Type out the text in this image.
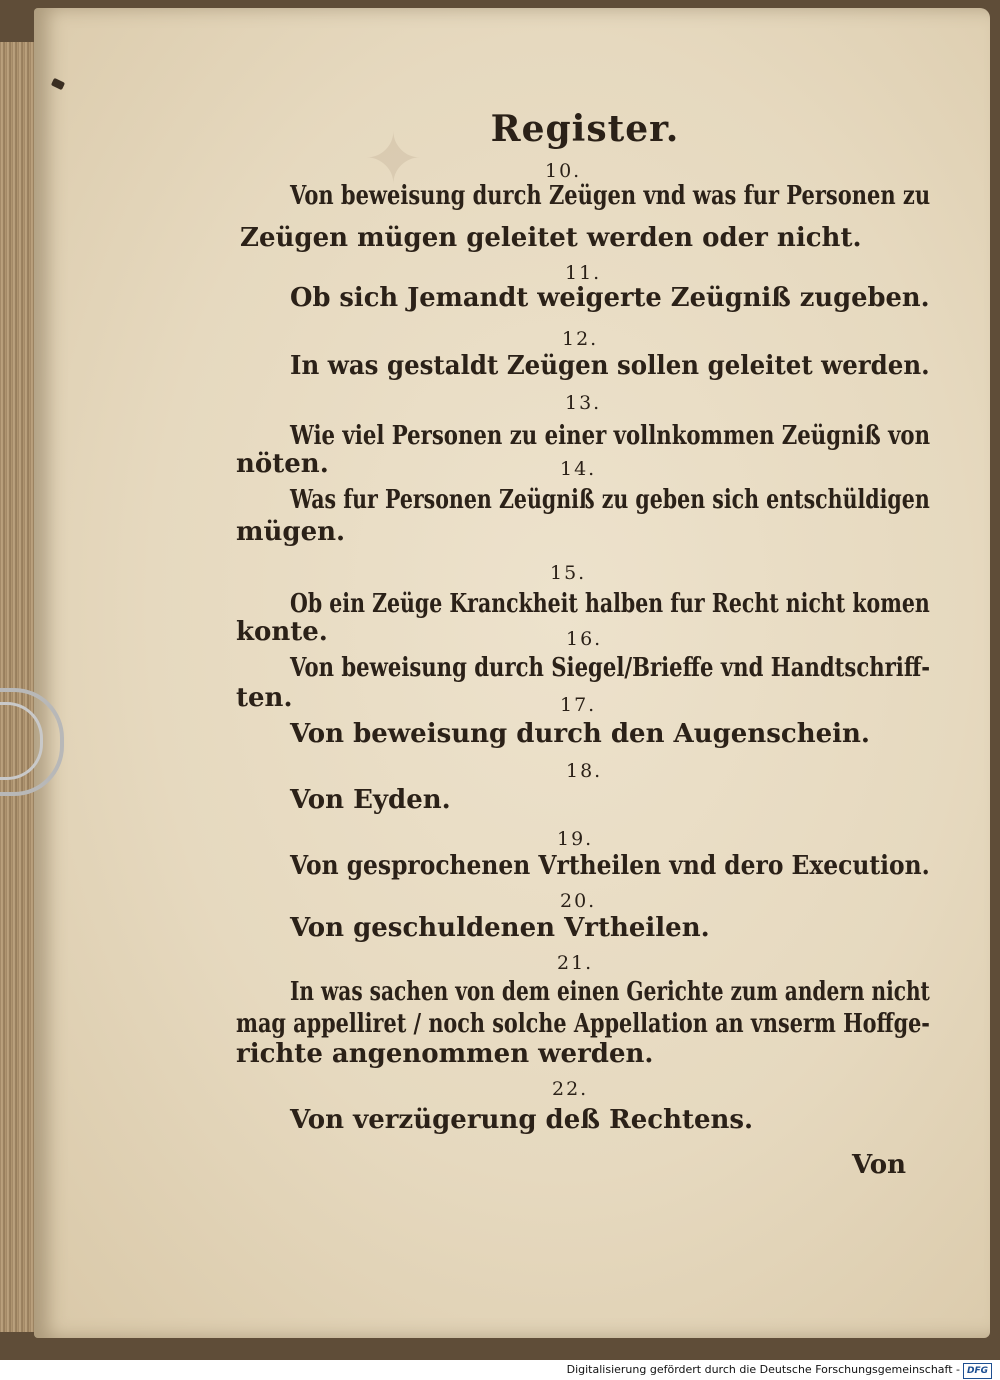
✦	Register.
10.
Von beweisung durch Zeügen vnd was fur Personen zu
Zeügen mügen geleitet werden oder nicht.
11.
Ob sich Jemandt weigerte Zeügniß zugeben.
12.
In was gestaldt Zeügen sollen geleitet werden.
13.
Wie viel Personen zu einer vollnkommen Zeügniß von
nöten.	14.
Was fur Personen Zeügniß zu geben sich entschüldigen
mügen.
15.
Ob ein Zeüge Kranckheit halben fur Recht nicht komen
konte.	16.
Von beweisung durch Siegel/Brieffe vnd Handtschriff-
ten.	17.
Von beweisung durch den Augenschein.
18.
Von Eyden.
19.
Von gesprochenen Vrtheilen vnd dero Execution.
20.
Von geschuldenen Vrtheilen.
21.
In was sachen von dem einen Gerichte zum andern nicht
mag appelliret / noch solche Appellation an vnserm Hoffge-
richte angenommen werden.
22.
Von verzügerung deß Rechtens.
Von
Digitalisierung gefördert durch die Deutsche Forschungsgemeinschaft - DFG
